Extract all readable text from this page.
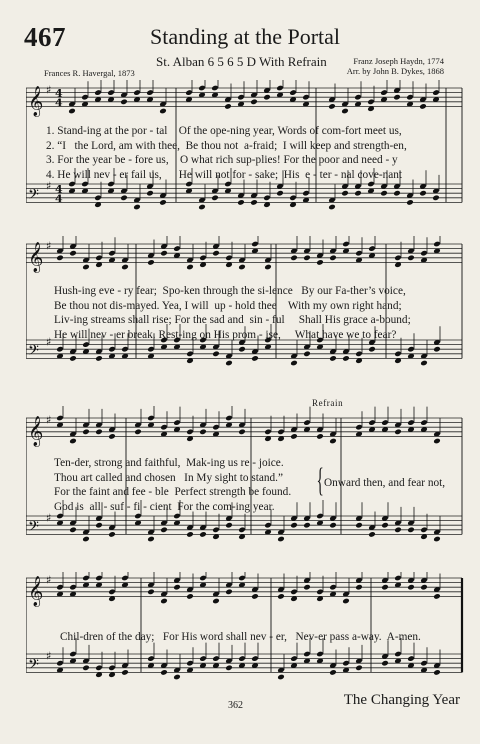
467	Standing at the Portal
St. Alban 6 5 6 5 D With Refrain	Franz Joseph Haydn, 1774
Arr. by John B. Dykes, 1868
Frances R. Havergal, 1873
𝄞 ♯
4
4
𝄢
♯
4
4
1. Stand-ing at the por - tal    Of the ope-ning year, Words of com-fort meet us,
2. “I   the Lord, am with thee,  Be thou not  a-fraid;  I will keep and strength-en,
3. For the year be - fore us,    O what rich sup-plies! For the poor and need - y
4. He will nev - er fail us,      He will not for - sake;  His  e - ter - nal cove-nant
𝄞 ♯
𝄢
♯
Hush-ing eve - ry fear;  Spo-ken through the si-lence   By our Fa-ther’s voice,
Be thou not dis-mayed. Yea, I will  up - hold thee    With my own right hand;
Liv-ing streams shall rise; For the sad and  sin - ful     Shall His grace a-bound;
He will nev - er break. Rest-ing on His prom - ise,     What have we to fear?
Refrain
𝄞 ♯
𝄢
♯
Ten-der, strong and faithful,  Mak-ing us re - joice.
Thou art called and chosen   In My sight to stand.”
For the faint and fee - ble  Perfect strength be found.
God is  all - suf - fi - cient  For the com-ing year.
{ Onward then, and fear not,
𝄞 ♯
𝄢
♯
Chil-dren of the day;   For His word shall nev - er,   Nev-er pass a-way.  A-men.
362	The Changing Year
